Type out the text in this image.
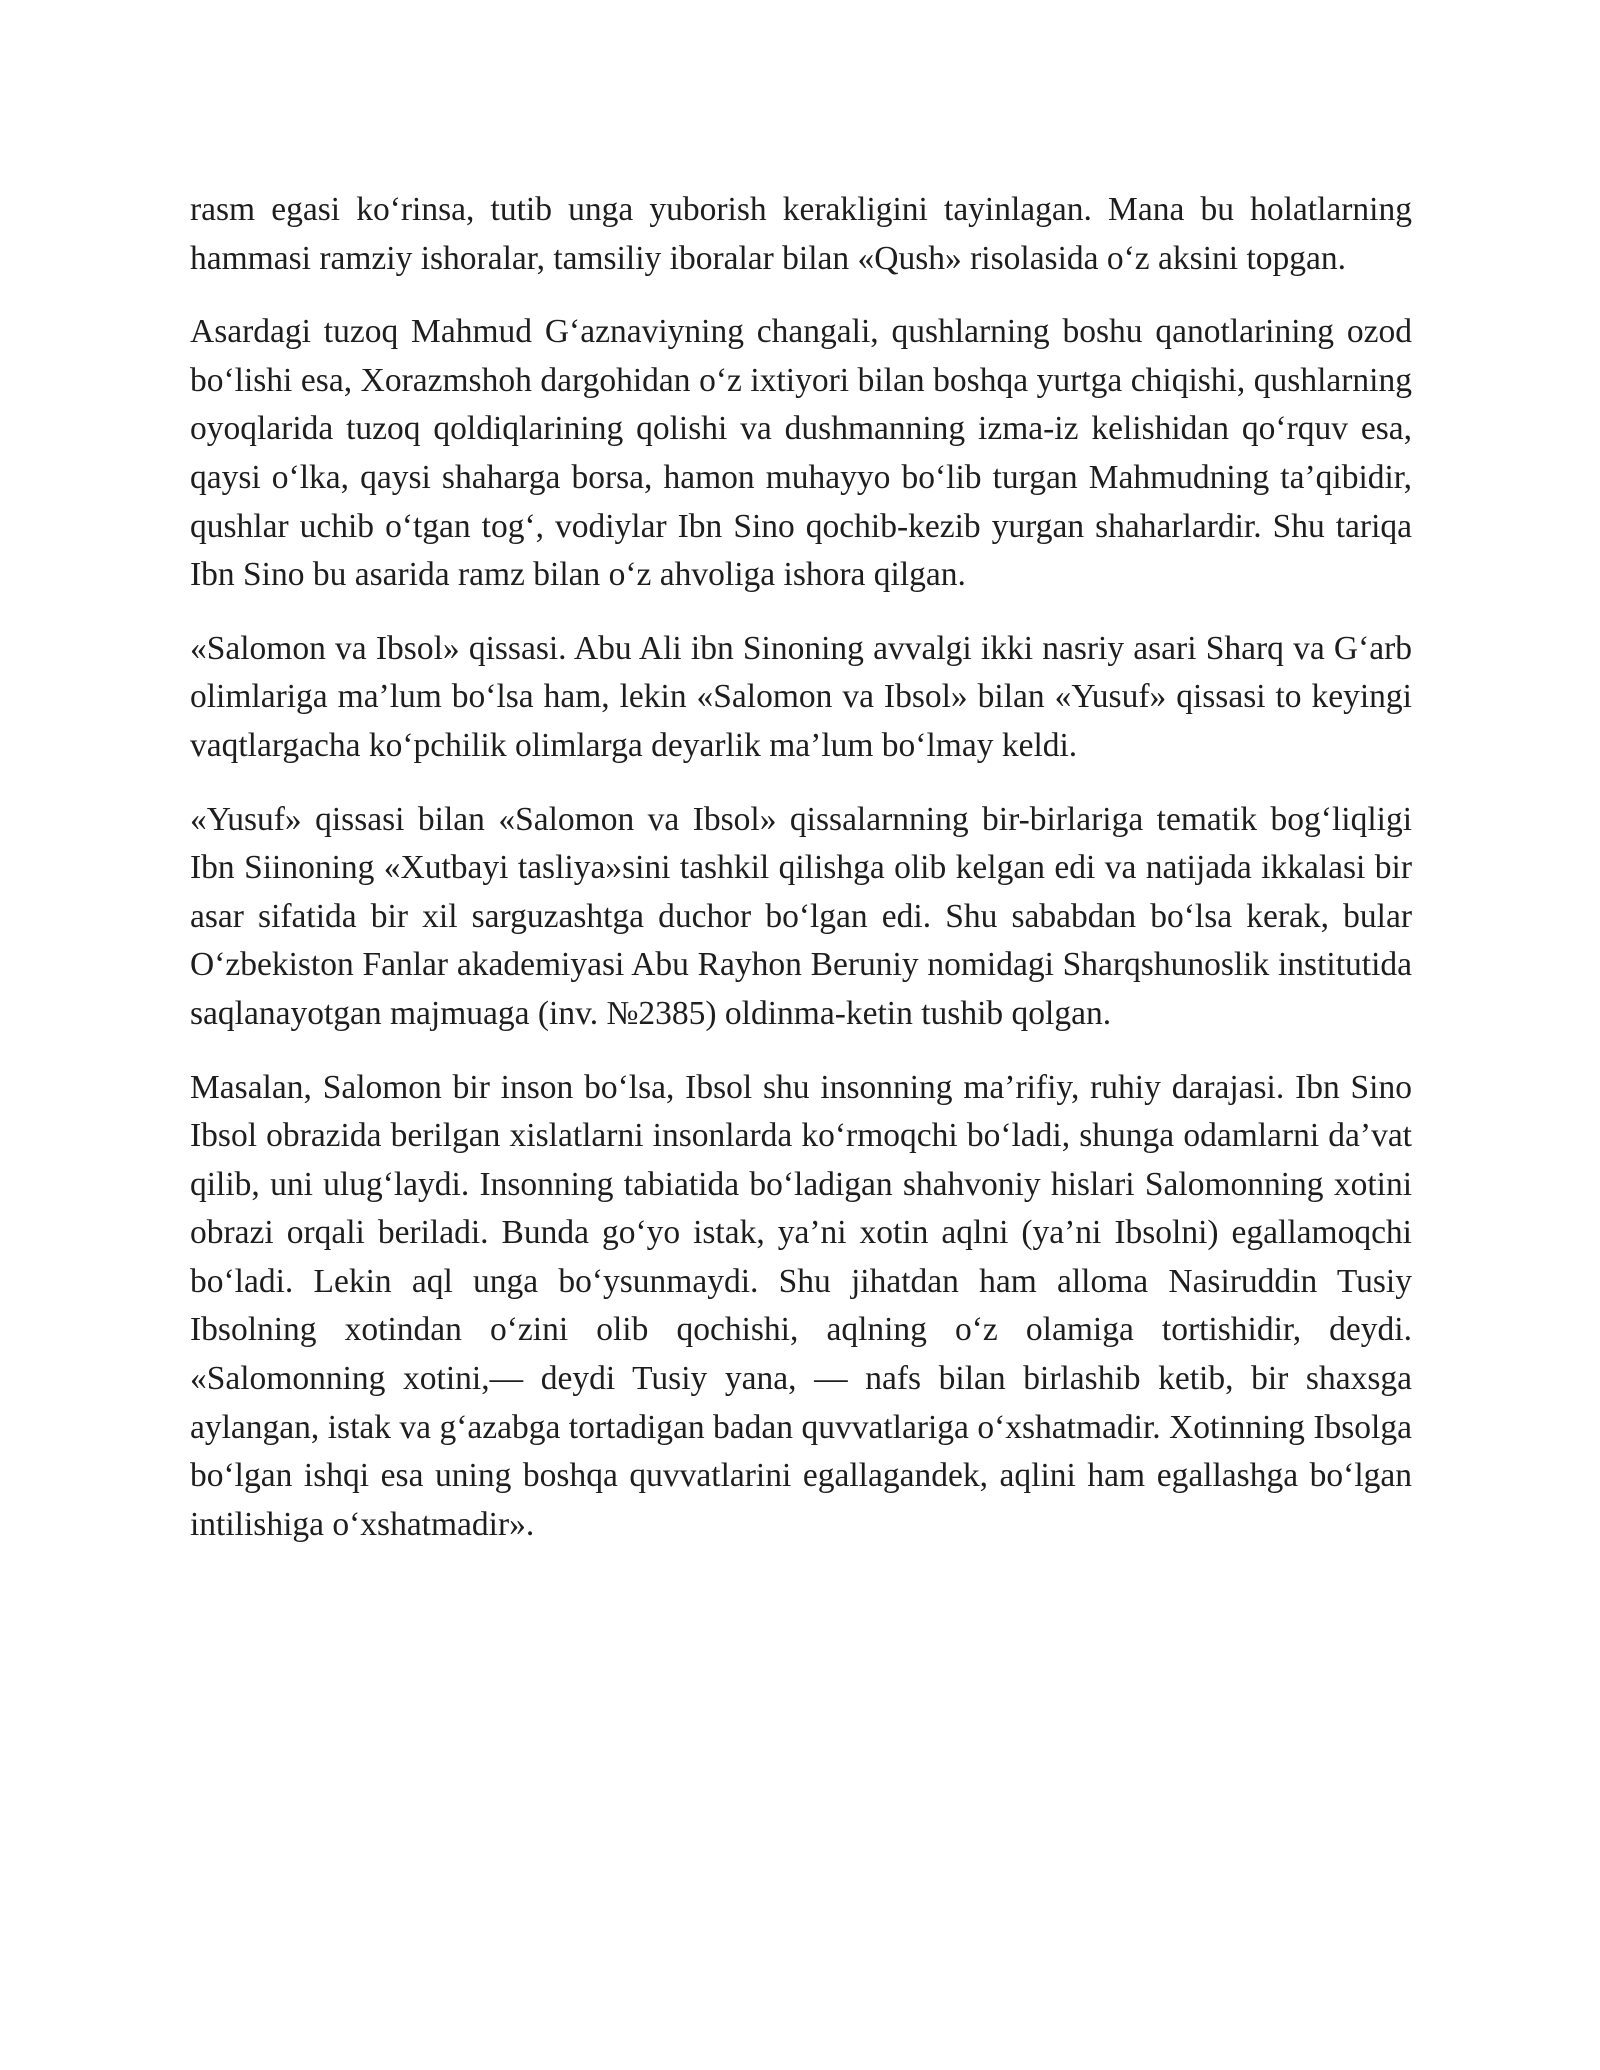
rasm egasi ko‘rinsa, tutib unga yuborish kerakligini tayinlagan. Mana bu holatlarning hammasi ramziy ishoralar, tamsiliy iboralar bilan «Qush» risolasida o‘z aksini topgan.

Asardagi tuzoq Mahmud G‘aznaviyning changali, qushlarning boshu qanotlarining ozod bo‘lishi esa, Xorazmshoh dargohidan o‘z ixtiyori bilan boshqa yurtga chiqishi, qushlarning oyoqlarida tuzoq qoldiqlarining qolishi va dushmanning izma-iz kelishidan qo‘rquv esa, qaysi o‘lka, qaysi shaharga borsa, hamon muhayyo bo‘lib turgan Mahmudning ta’qibidir, qushlar uchib o‘tgan tog‘, vodiylar Ibn Sino qochib-kezib yurgan shaharlardir. Shu tariqa Ibn Sino bu asarida ramz bilan o‘z ahvoliga ishora qilgan.

«Salomon va Ibsol» qissasi. Abu Ali ibn Sinoning avvalgi ikki nasriy asari Sharq va G‘arb olimlariga ma’lum bo‘lsa ham, lekin «Salomon va Ibsol» bilan «Yusuf» qissasi to keyingi vaqtlargacha ko‘pchilik olimlarga deyarlik ma’lum bo‘lmay keldi.

«Yusuf» qissasi bilan «Salomon va Ibsol» qissalarnning bir-birlariga tematik bog‘liqligi Ibn Siinoning «Xutbayi tasliya»sini tashkil qilishga olib kelgan edi va natijada ikkalasi bir asar sifatida bir xil sarguzashtga duchor bo‘lgan edi. Shu sababdan bo‘lsa kerak, bular O‘zbekiston Fanlar akademiyasi Abu Rayhon Beruniy nomidagi Sharqshunoslik institutida saqlanayotgan majmuaga (inv. №2385) oldinma-ketin tushib qolgan.

Masalan, Salomon bir inson bo‘lsa, Ibsol shu insonning ma’rifiy, ruhiy darajasi. Ibn Sino Ibsol obrazida berilgan xislatlarni insonlarda ko‘rmoqchi bo‘ladi, shunga odamlarni da’vat qilib, uni ulug‘laydi. Insonning tabiatida bo‘ladigan shahvoniy hislari Salomonning xotini obrazi orqali beriladi. Bunda go‘yo istak, ya’ni xotin aqlni (ya’ni Ibsolni) egallamoqchi bo‘ladi. Lekin aql unga bo‘ysunmaydi. Shu jihatdan ham alloma Nasiruddin Tusiy Ibsolning xotindan o‘zini olib qochishi, aqlning o‘z olamiga tortishidir, deydi. «Salomonning xotini,— deydi Tusiy yana, — nafs bilan birlashib ketib, bir shaxsga aylangan, istak va g‘azabga tortadigan badan quvvatlariga o‘xshatmadir. Xotinning Ibsolga bo‘lgan ishqi esa uning boshqa quvvatlarini egallagandek, aqlini ham egallashga bo‘lgan intilishiga o‘xshatmadir».
